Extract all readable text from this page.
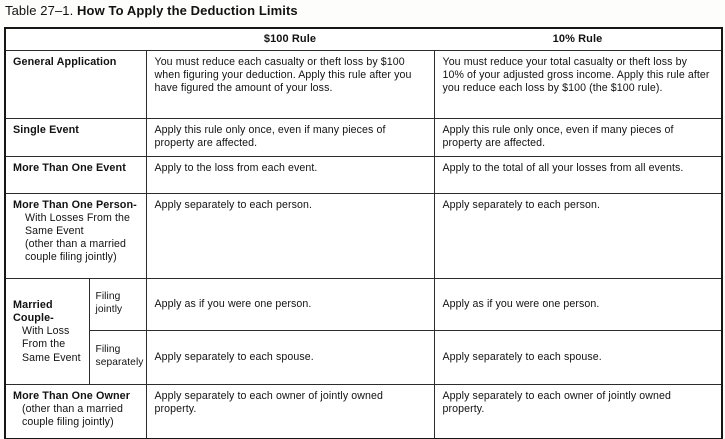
Table 27–1. How To Apply the Deduction Limits
		$100 Rule	10% Rule

General Application		You must reduce each casualty or theft loss by $100 when figuring your deduction. Apply this rule after you have figured the amount of your loss.	You must reduce your total casualty or theft loss by 10% of your adjusted gross income. Apply this rule after you reduce each loss by $100 (the $100 rule).

Single Event		Apply this rule only once, even if many pieces of property are affected.	Apply this rule only once, even if many pieces of property are affected.

More Than One Event		Apply to the loss from each event.	Apply to the total of all your losses from all events.

More Than One Person-
With Losses From the Same Event
(other than a married couple filing jointly)		Apply separately to each person.	Apply separately to each person.

Married Couple-
With Loss From the Same Event	Filing jointly	Apply as if you were one person.	Apply as if you were one person.
	Filing separately	Apply separately to each spouse.	Apply separately to each spouse.

More Than One Owner
(other than a married couple filing jointly)		Apply separately to each owner of jointly owned property.	Apply separately to each owner of jointly owned property.
